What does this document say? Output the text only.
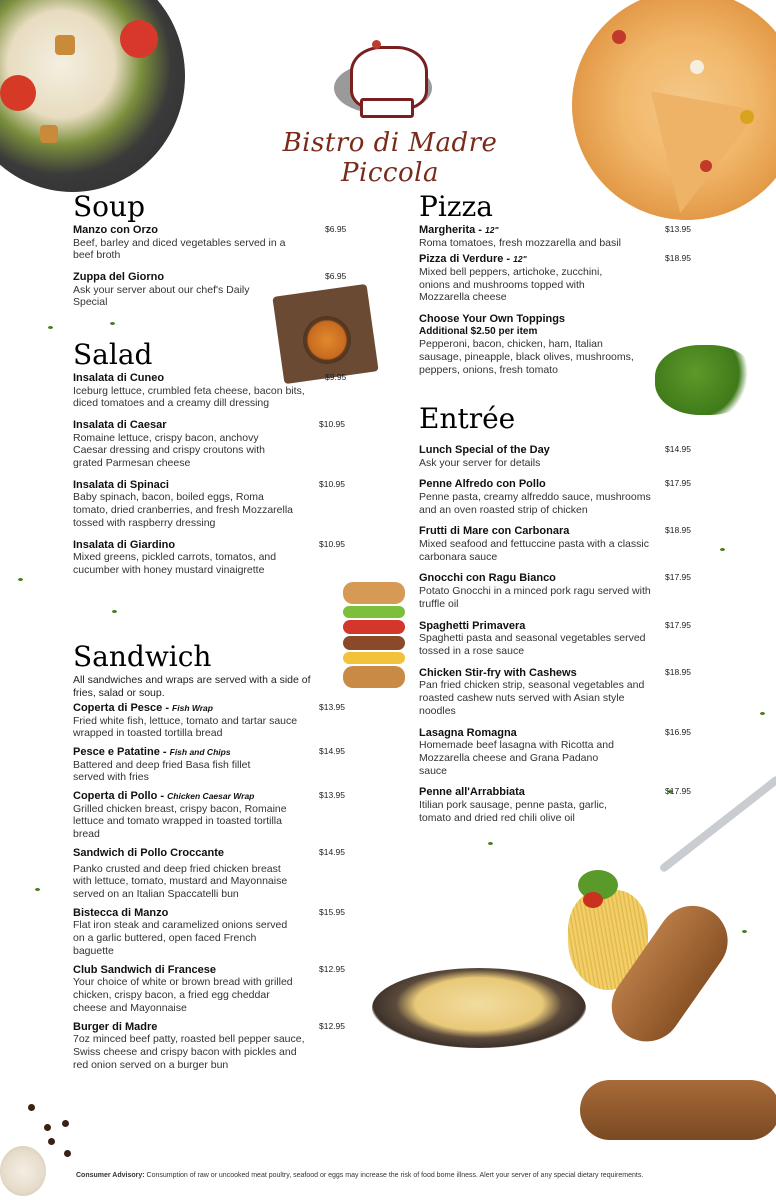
Bistro di Madre Piccola
Soup
Manzo con Orzo
Beef, barley and diced vegetables served in a beef broth
$6.95
Zuppa del Giorno
Ask your server about our chef's Daily Special
$6.95
Salad
Insalata di Cuneo
Iceburg lettuce, crumbled feta cheese, bacon bits, diced tomatoes and a creamy dill dressing
$9.95
Insalata di Caesar
Romaine lettuce, crispy bacon, anchovy Caesar dressing and crispy croutons with grated Parmesan cheese
$10.95
Insalata di Spinaci
Baby spinach, bacon, boiled eggs, Roma tomato, dried cranberries, and fresh Mozzarella tossed with raspberry dressing
$10.95
Insalata di Giardino
Mixed greens, pickled carrots, tomatos, and cucumber with honey mustard vinaigrette
$10.95
Sandwich
All sandwiches and wraps are served with a side of fries, salad or soup.
Coperta di Pesce - Fish Wrap
Fried white fish, lettuce, tomato and tartar sauce wrapped in toasted tortilla bread
$13.95
Pesce e Patatine - Fish and Chips
Battered and deep fried Basa fish fillet served with fries
$14.95
Coperta di Pollo - Chicken Caesar Wrap
Grilled chicken breast, crispy bacon, Romaine lettuce and tomato wrapped in toasted tortilla bread
$13.95
Sandwich di Pollo Croccante
Panko crusted and deep fried chicken breast with lettuce, tomato, mustard and Mayonnaise served on an Italian Spaccatelli bun
$14.95
Bistecca di Manzo
Flat iron steak and caramelized onions served on a garlic buttered, open faced French baguette
$15.95
Club Sandwich di Francese
Your choice of white or brown bread with grilled chicken, crispy bacon, a fried egg cheddar cheese and Mayonnaise
$12.95
Burger di Madre
7oz minced beef patty, roasted bell pepper sauce, Swiss cheese and crispy bacon with pickles and red onion served on a burger bun
$12.95
Pizza
Margherita - 12"
Roma tomatoes, fresh mozzarella and basil
$13.95
Pizza di Verdure - 12"
Mixed bell peppers, artichoke, zucchini, onions and mushrooms topped with Mozzarella cheese
$18.95
Choose Your Own Toppings
Additional $2.50 per item
Pepperoni, bacon, chicken, ham, Italian sausage, pineapple, black olives, mushrooms, peppers, onions, fresh tomato
Entrée
Lunch Special of the Day
Ask your server for details
$14.95
Penne Alfredo con Pollo
Penne pasta, creamy alfreddo sauce, mushrooms and an oven roasted strip of chicken
$17.95
Frutti di Mare con Carbonara
Mixed seafood and fettuccine pasta with a classic carbonara sauce
$18.95
Gnocchi con Ragu Bianco
Potato Gnocchi in a minced pork ragu served with truffle oil
$17.95
Spaghetti Primavera
Spaghetti pasta and seasonal vegetables served tossed in a rose sauce
$17.95
Chicken Stir-fry with Cashews
Pan fried chicken strip, seasonal vegetables and roasted cashew nuts served with Asian style noodles
$18.95
Lasagna Romagna
Homemade beef lasagna with Ricotta and Mozzarella cheese and Grana Padano sauce
$16.95
Penne all'Arrabbiata
Itilian pork sausage, penne pasta, garlic, tomato and dried red chili olive oil
$17.95
Consumer Advisory: Consumption of raw or uncooked meat poultry, seafood or eggs may increase the risk of food borne illness. Alert your server of any special dietary requirements.
